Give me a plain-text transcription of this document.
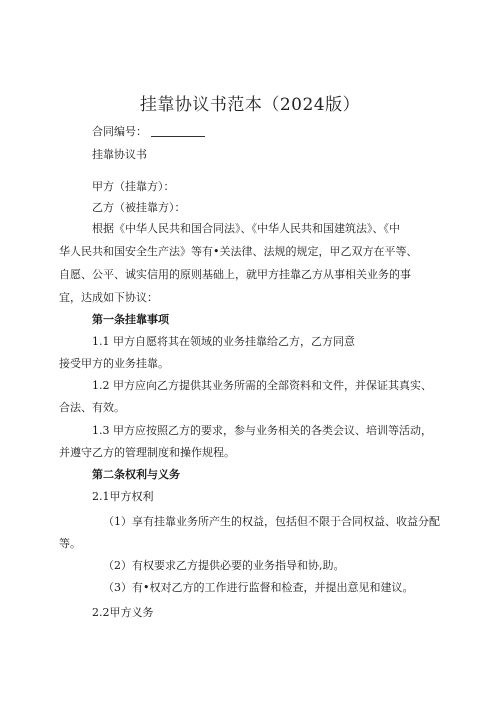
挂靠协议书范本（2024版）
合同编号：
挂靠协议书
甲方（挂靠方）：
乙方（被挂靠方）：
根据《中华人民共和国合同法》、《中华人民共和国建筑法》、《中
华人民共和国安全生产法》等有•关法律、法规的规定，甲乙双方在平等、
自愿、公平、诚实信用的原则基础上，就甲方挂靠乙方从事相关业务的事
宜，达成如下协议：
第一条挂靠事项
1.1 甲方自愿将其在领域的业务挂靠给乙方，乙方同意
接受甲方的业务挂靠。
1.2 甲方应向乙方提供其业务所需的全部资料和文件，并保证其真实、
合法、有效。
1.3 甲方应按照乙方的要求，参与业务相关的各类会议、培训等活动，
并遵守乙方的管理制度和操作规程。
第二条权利与义务
2.1甲方权利
（1）享有挂靠业务所产生的权益，包括但不限于合同权益、收益分配
等。
（2）有权要求乙方提供必要的业务指导和协,助。
（3）有•权对乙方的工作进行监督和检查，并提出意见和建议。
2.2甲方义务
